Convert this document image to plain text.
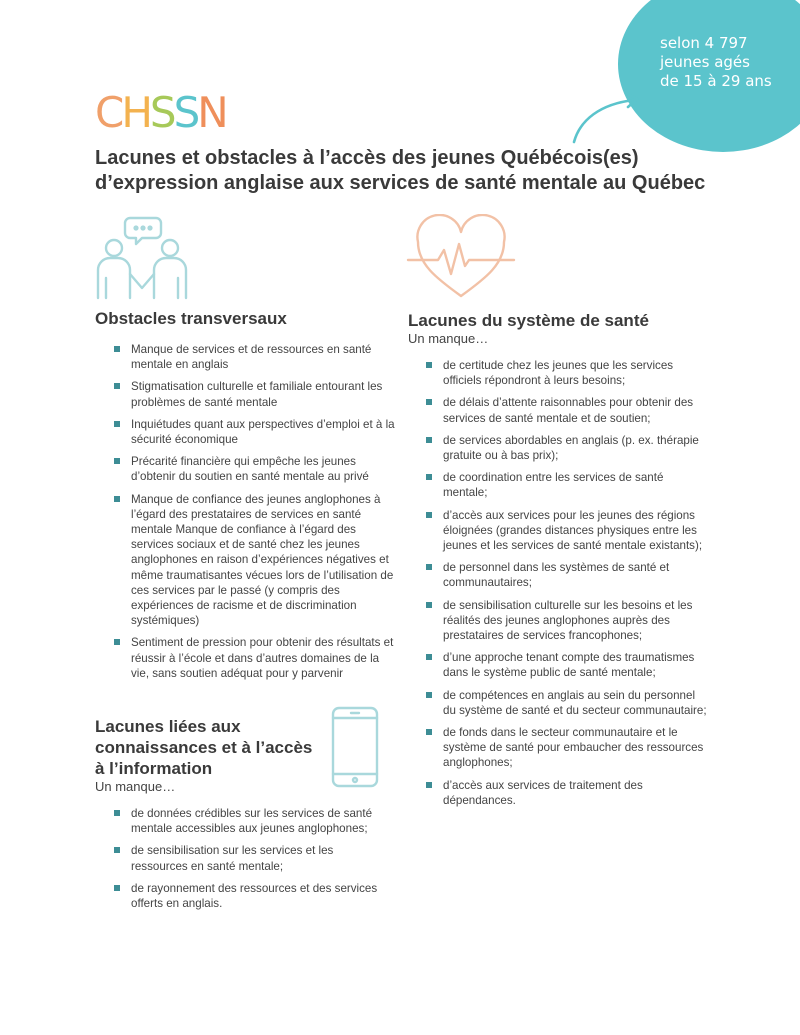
selon 4 797
jeunes agés
de 15 à 29 ans
CHSSN
Lacunes et obstacles à l’accès des jeunes Québécois(es)
d’expression anglaise aux services de santé mentale au Québec
Obstacles transversaux
Manque de services et de ressources en santé mentale en anglais
Stigmatisation culturelle et familiale entourant les problèmes de santé mentale
Inquiétudes quant aux perspectives d’emploi et à la sécurité économique
Précarité financière qui empêche les jeunes d’obtenir du soutien en santé mentale au privé
Manque de confiance des jeunes anglophones à l’égard des prestataires de services en santé mentale Manque de confiance à l’égard des services sociaux et de santé chez les jeunes anglophones en raison d’expériences négatives et même traumatisantes vécues lors de l’utilisation de ces services par le passé (y compris des expériences de racisme et de discrimination systémiques)
Sentiment de pression pour obtenir des résultats et réussir à l’école et dans d’autres domaines de la vie, sans soutien adéquat pour y parvenir
Lacunes liées aux
connaissances et à l’accès
à l’information

Un manque…

de données crédibles sur les services de santé mentale accessibles aux jeunes anglophones;
de sensibilisation sur les services et les ressources en santé mentale;
de rayonnement des ressources et des services offerts en anglais.
Lacunes du système de santé

Un manque…

de certitude chez les jeunes que les services officiels répondront à leurs besoins;
de délais d’attente raisonnables pour obtenir des services de santé mentale et de soutien;
de services abordables en anglais (p. ex. thérapie gratuite ou à bas prix);
de coordination entre les services de santé mentale;
d’accès aux services pour les jeunes des régions éloignées (grandes distances physiques entre les jeunes et les services de santé mentale existants);
de personnel dans les systèmes de santé et communautaires;
de sensibilisation culturelle sur les besoins et les réalités des jeunes anglophones auprès des prestataires de services francophones;
d’une approche tenant compte des traumatismes dans le système public de santé mentale;
de compétences en anglais au sein du personnel du système de santé et du secteur communautaire;
de fonds dans le secteur communautaire et le système de santé pour embaucher des ressources anglophones;
d’accès aux services de traitement des dépendances.
